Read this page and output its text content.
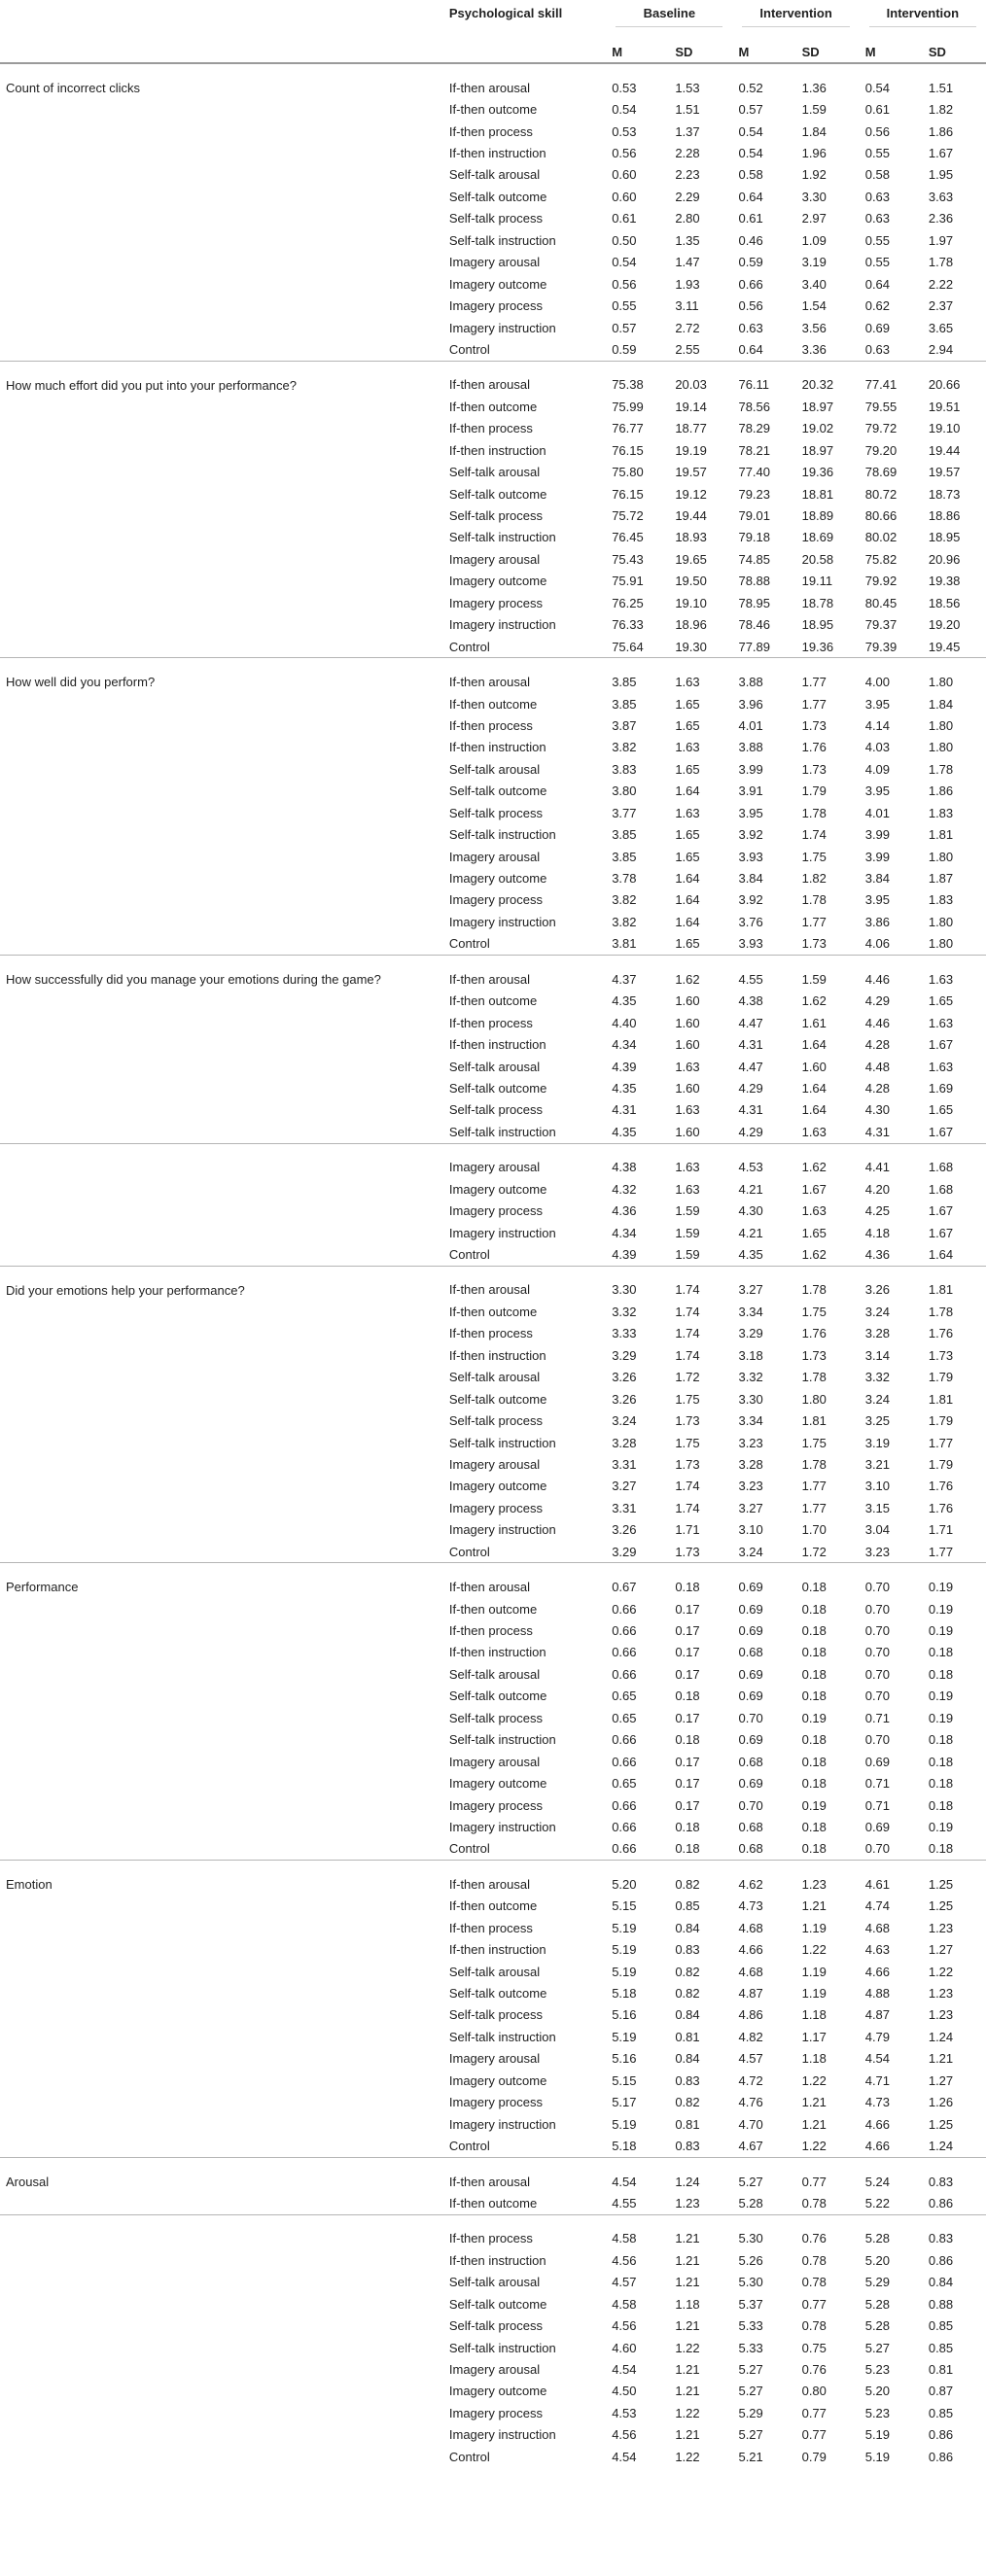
	Psychological skill	Baseline		Intervention		Intervention	

		M	SD	M	SD	M	SD

Count of incorrect clicks	If-then arousal	0.53	1.53	0.52	1.36	0.54	1.51
	If-then outcome	0.54	1.51	0.57	1.59	0.61	1.82
	If-then process	0.53	1.37	0.54	1.84	0.56	1.86
	If-then instruction	0.56	2.28	0.54	1.96	0.55	1.67
	Self-talk arousal	0.60	2.23	0.58	1.92	0.58	1.95
	Self-talk outcome	0.60	2.29	0.64	3.30	0.63	3.63
	Self-talk process	0.61	2.80	0.61	2.97	0.63	2.36
	Self-talk instruction	0.50	1.35	0.46	1.09	0.55	1.97
	Imagery arousal	0.54	1.47	0.59	3.19	0.55	1.78
	Imagery outcome	0.56	1.93	0.66	3.40	0.64	2.22
	Imagery process	0.55	3.11	0.56	1.54	0.62	2.37
	Imagery instruction	0.57	2.72	0.63	3.56	0.69	3.65
	Control	0.59	2.55	0.64	3.36	0.63	2.94

How much effort did you put into your performance?	If-then arousal	75.38	20.03	76.11	20.32	77.41	20.66
	If-then outcome	75.99	19.14	78.56	18.97	79.55	19.51
	If-then process	76.77	18.77	78.29	19.02	79.72	19.10
	If-then instruction	76.15	19.19	78.21	18.97	79.20	19.44
	Self-talk arousal	75.80	19.57	77.40	19.36	78.69	19.57
	Self-talk outcome	76.15	19.12	79.23	18.81	80.72	18.73
	Self-talk process	75.72	19.44	79.01	18.89	80.66	18.86
	Self-talk instruction	76.45	18.93	79.18	18.69	80.02	18.95
	Imagery arousal	75.43	19.65	74.85	20.58	75.82	20.96
	Imagery outcome	75.91	19.50	78.88	19.11	79.92	19.38
	Imagery process	76.25	19.10	78.95	18.78	80.45	18.56
	Imagery instruction	76.33	18.96	78.46	18.95	79.37	19.20
	Control	75.64	19.30	77.89	19.36	79.39	19.45

How well did you perform?	If-then arousal	3.85	1.63	3.88	1.77	4.00	1.80
	If-then outcome	3.85	1.65	3.96	1.77	3.95	1.84
	If-then process	3.87	1.65	4.01	1.73	4.14	1.80
	If-then instruction	3.82	1.63	3.88	1.76	4.03	1.80
	Self-talk arousal	3.83	1.65	3.99	1.73	4.09	1.78
	Self-talk outcome	3.80	1.64	3.91	1.79	3.95	1.86
	Self-talk process	3.77	1.63	3.95	1.78	4.01	1.83
	Self-talk instruction	3.85	1.65	3.92	1.74	3.99	1.81
	Imagery arousal	3.85	1.65	3.93	1.75	3.99	1.80
	Imagery outcome	3.78	1.64	3.84	1.82	3.84	1.87
	Imagery process	3.82	1.64	3.92	1.78	3.95	1.83
	Imagery instruction	3.82	1.64	3.76	1.77	3.86	1.80
	Control	3.81	1.65	3.93	1.73	4.06	1.80

How successfully did you manage your emotions during the game?	If-then arousal	4.37	1.62	4.55	1.59	4.46	1.63
	If-then outcome	4.35	1.60	4.38	1.62	4.29	1.65
	If-then process	4.40	1.60	4.47	1.61	4.46	1.63
	If-then instruction	4.34	1.60	4.31	1.64	4.28	1.67
	Self-talk arousal	4.39	1.63	4.47	1.60	4.48	1.63
	Self-talk outcome	4.35	1.60	4.29	1.64	4.28	1.69
	Self-talk process	4.31	1.63	4.31	1.64	4.30	1.65
	Self-talk instruction	4.35	1.60	4.29	1.63	4.31	1.67

	Imagery arousal	4.38	1.63	4.53	1.62	4.41	1.68
	Imagery outcome	4.32	1.63	4.21	1.67	4.20	1.68
	Imagery process	4.36	1.59	4.30	1.63	4.25	1.67
	Imagery instruction	4.34	1.59	4.21	1.65	4.18	1.67
	Control	4.39	1.59	4.35	1.62	4.36	1.64

Did your emotions help your performance?	If-then arousal	3.30	1.74	3.27	1.78	3.26	1.81
	If-then outcome	3.32	1.74	3.34	1.75	3.24	1.78
	If-then process	3.33	1.74	3.29	1.76	3.28	1.76
	If-then instruction	3.29	1.74	3.18	1.73	3.14	1.73
	Self-talk arousal	3.26	1.72	3.32	1.78	3.32	1.79
	Self-talk outcome	3.26	1.75	3.30	1.80	3.24	1.81
	Self-talk process	3.24	1.73	3.34	1.81	3.25	1.79
	Self-talk instruction	3.28	1.75	3.23	1.75	3.19	1.77
	Imagery arousal	3.31	1.73	3.28	1.78	3.21	1.79
	Imagery outcome	3.27	1.74	3.23	1.77	3.10	1.76
	Imagery process	3.31	1.74	3.27	1.77	3.15	1.76
	Imagery instruction	3.26	1.71	3.10	1.70	3.04	1.71
	Control	3.29	1.73	3.24	1.72	3.23	1.77

Performance	If-then arousal	0.67	0.18	0.69	0.18	0.70	0.19
	If-then outcome	0.66	0.17	0.69	0.18	0.70	0.19
	If-then process	0.66	0.17	0.69	0.18	0.70	0.19
	If-then instruction	0.66	0.17	0.68	0.18	0.70	0.18
	Self-talk arousal	0.66	0.17	0.69	0.18	0.70	0.18
	Self-talk outcome	0.65	0.18	0.69	0.18	0.70	0.19
	Self-talk process	0.65	0.17	0.70	0.19	0.71	0.19
	Self-talk instruction	0.66	0.18	0.69	0.18	0.70	0.18
	Imagery arousal	0.66	0.17	0.68	0.18	0.69	0.18
	Imagery outcome	0.65	0.17	0.69	0.18	0.71	0.18
	Imagery process	0.66	0.17	0.70	0.19	0.71	0.18
	Imagery instruction	0.66	0.18	0.68	0.18	0.69	0.19
	Control	0.66	0.18	0.68	0.18	0.70	0.18

Emotion	If-then arousal	5.20	0.82	4.62	1.23	4.61	1.25
	If-then outcome	5.15	0.85	4.73	1.21	4.74	1.25
	If-then process	5.19	0.84	4.68	1.19	4.68	1.23
	If-then instruction	5.19	0.83	4.66	1.22	4.63	1.27
	Self-talk arousal	5.19	0.82	4.68	1.19	4.66	1.22
	Self-talk outcome	5.18	0.82	4.87	1.19	4.88	1.23
	Self-talk process	5.16	0.84	4.86	1.18	4.87	1.23
	Self-talk instruction	5.19	0.81	4.82	1.17	4.79	1.24
	Imagery arousal	5.16	0.84	4.57	1.18	4.54	1.21
	Imagery outcome	5.15	0.83	4.72	1.22	4.71	1.27
	Imagery process	5.17	0.82	4.76	1.21	4.73	1.26
	Imagery instruction	5.19	0.81	4.70	1.21	4.66	1.25
	Control	5.18	0.83	4.67	1.22	4.66	1.24

Arousal	If-then arousal	4.54	1.24	5.27	0.77	5.24	0.83
	If-then outcome	4.55	1.23	5.28	0.78	5.22	0.86

	If-then process	4.58	1.21	5.30	0.76	5.28	0.83
	If-then instruction	4.56	1.21	5.26	0.78	5.20	0.86
	Self-talk arousal	4.57	1.21	5.30	0.78	5.29	0.84
	Self-talk outcome	4.58	1.18	5.37	0.77	5.28	0.88
	Self-talk process	4.56	1.21	5.33	0.78	5.28	0.85
	Self-talk instruction	4.60	1.22	5.33	0.75	5.27	0.85
	Imagery arousal	4.54	1.21	5.27	0.76	5.23	0.81
	Imagery outcome	4.50	1.21	5.27	0.80	5.20	0.87
	Imagery process	4.53	1.22	5.29	0.77	5.23	0.85
	Imagery instruction	4.56	1.21	5.27	0.77	5.19	0.86
	Control	4.54	1.22	5.21	0.79	5.19	0.86
